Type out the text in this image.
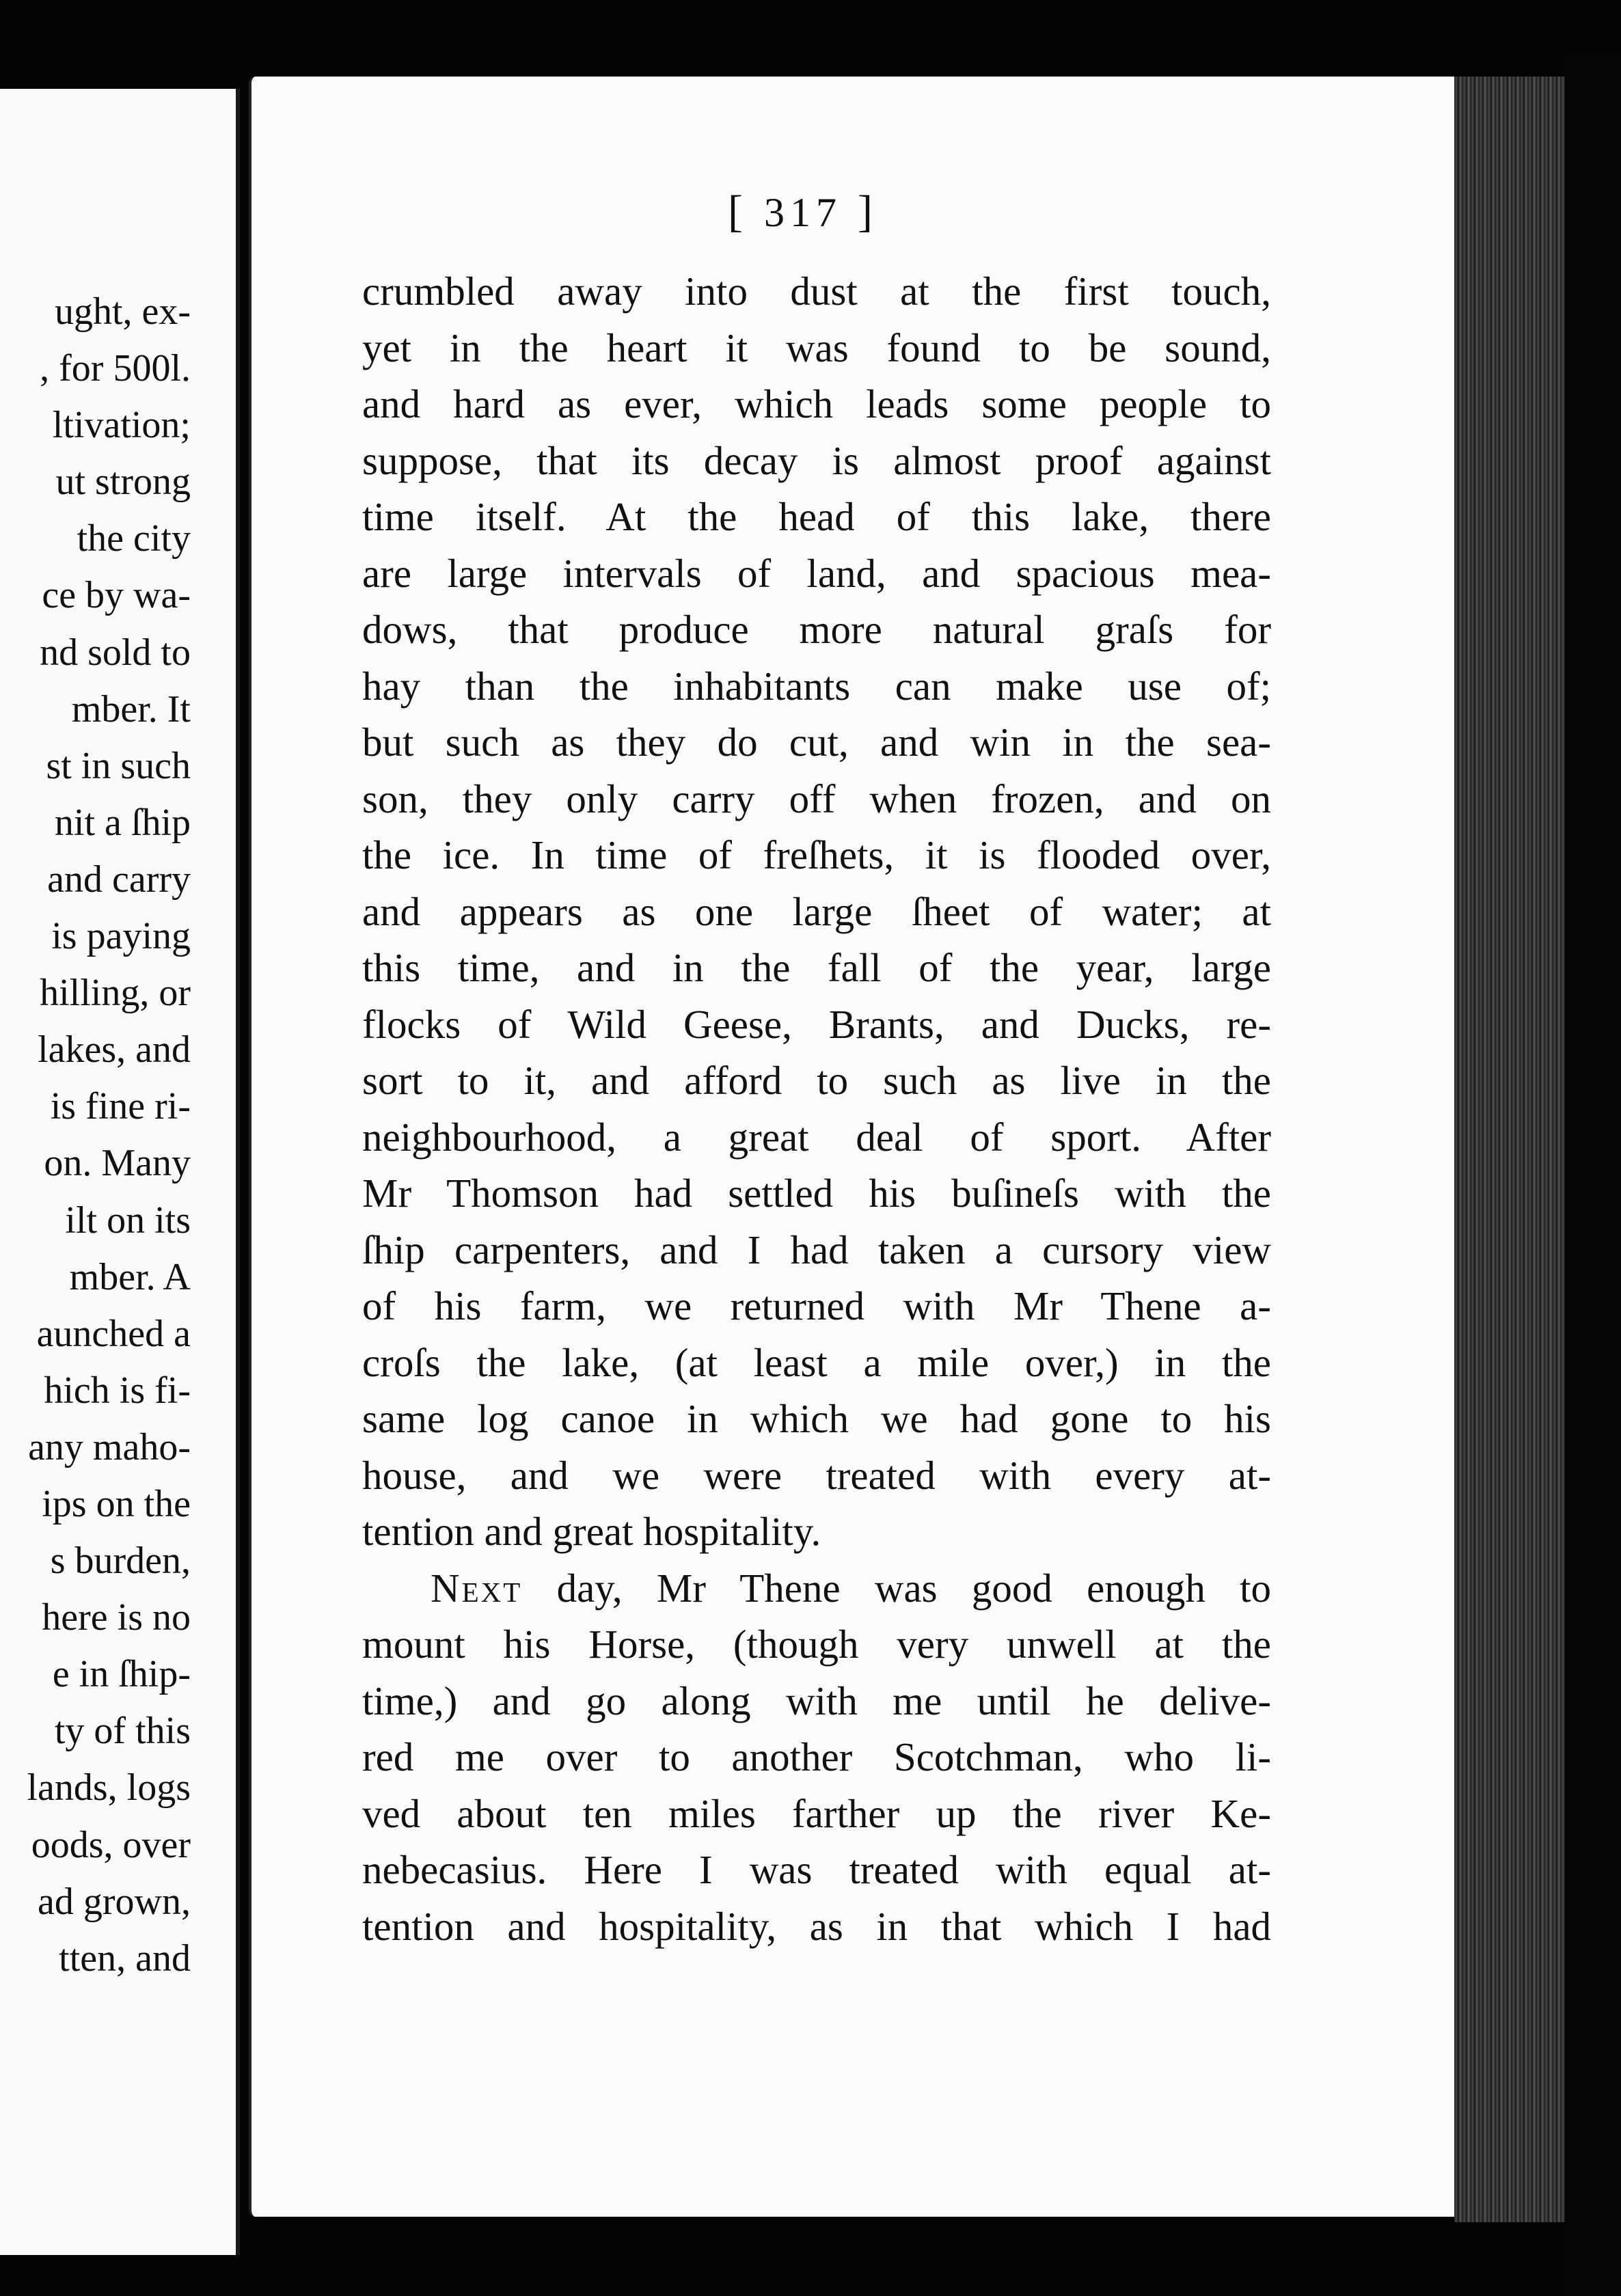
ught, ex-
, for 500l.
ltivation;
ut strong
the city
ce by wa-
nd sold to
mber. It
st in such
nit a ſhip
and carry
is paying
hilling, or
lakes, and
is fine ri-
on. Many
ilt on its
mber. A
aunched a
hich is fi-
any maho-
ips on the
s burden,
here is no
e in ſhip-
ty of this
lands, logs
oods, over
ad grown,
tten, and
[ 317 ]
crumbled away into dust at the first touch,
yet in the heart it was found to be sound,
and hard as ever, which leads some people to
suppose, that its decay is almost proof against
time itself. At the head of this lake, there
are large intervals of land, and spacious mea-
dows, that produce more natural graſs for
hay than the inhabitants can make use of;
but such as they do cut, and win in the sea-
son, they only carry off when frozen, and on
the ice. In time of freſhets, it is flooded over,
and appears as one large ſheet of water; at
this time, and in the fall of the year, large
flocks of Wild Geese, Brants, and Ducks, re-
sort to it, and afford to such as live in the
neighbourhood, a great deal of sport. After
Mr Thomson had settled his buſineſs with the
ſhip carpenters, and I had taken a cursory view
of his farm, we returned with Mr Thene a-
croſs the lake, (at least a mile over,) in the
same log canoe in which we had gone to his
house, and we were treated with every at-
tention and great hospitality.
Next day, Mr Thene was good enough to
mount his Horse, (though very unwell at the
time,) and go along with me until he delive-
red me over to another Scotchman, who li-
ved about ten miles farther up the river Ke-
nebecasius. Here I was treated with equal at-
tention and hospitality, as in that which I had
